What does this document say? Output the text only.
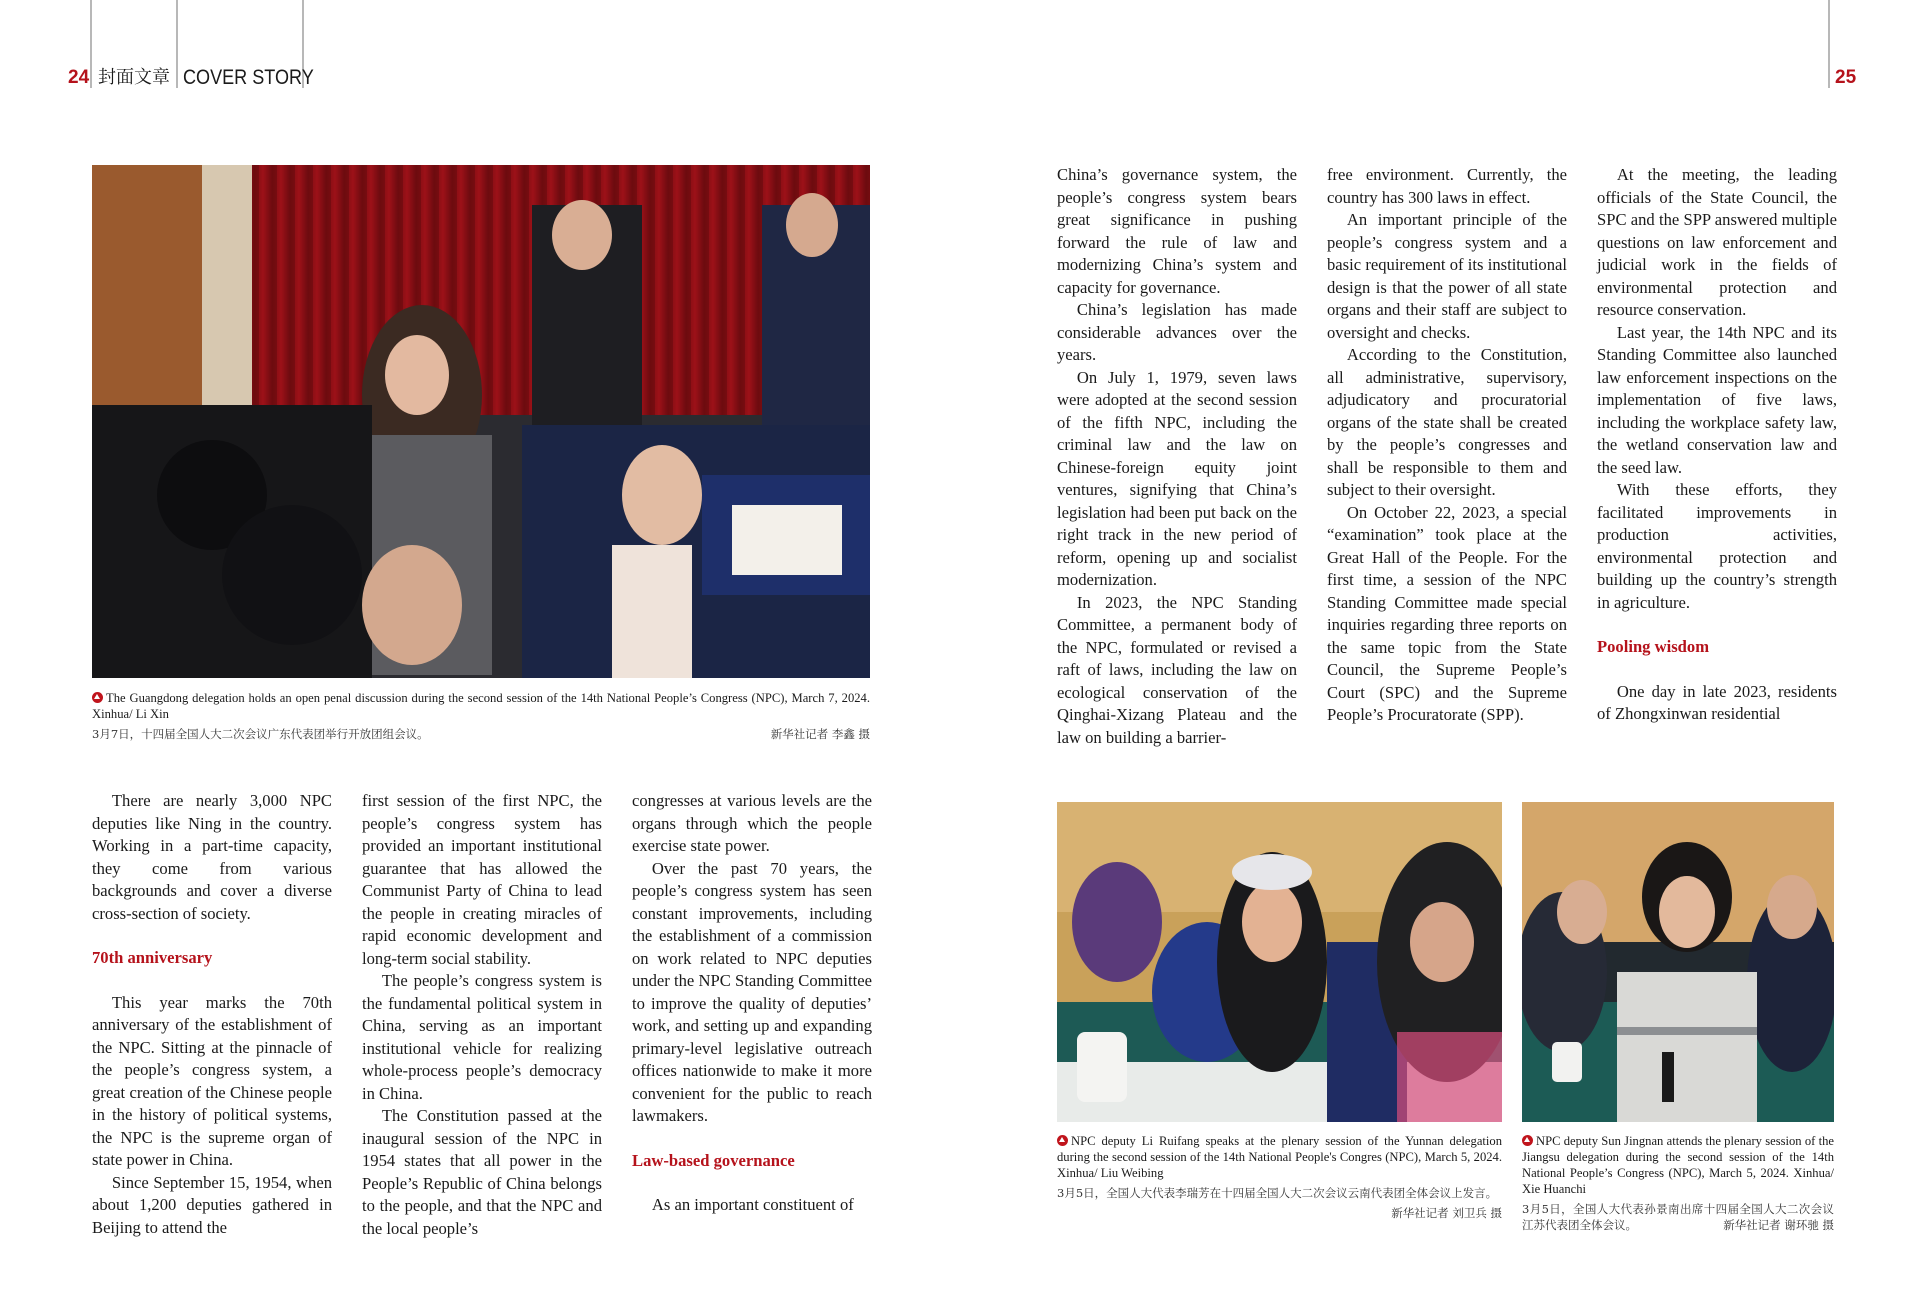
24 封面文章 COVER STORY	25

The Guangdong delegation holds an open penal discussion during the second session of the 14th National People’s Congress (NPC), March 7, 2024. Xinhua/ Li Xin

3月7日，十四届全国人大二次会议广东代表团举行开放团组会议。	新华社记者 李鑫 摄

There are nearly 3,000 NPC deputies like Ning in the country. Working in a part-time capacity, they come from various backgrounds and cover a diverse cross-section of society.

70th anniversary

This year marks the 70th anniversary of the establishment of the NPC. Sitting at the pinnacle of the people’s congress system, a great creation of the Chinese people in the history of political systems, the NPC is the supreme organ of state power in China.

Since September 15, 1954, when about 1,200 deputies gathered in Beijing to attend the

first session of the first NPC, the people’s congress system has provided an important institutional guarantee that has allowed the Communist Party of China to lead the people in creating miracles of rapid economic development and long-term social stability.

The people’s congress system is the fundamental political system in China, serving as an important institutional vehicle for realizing whole-process people’s democracy in China.

The Constitution passed at the inaugural session of the NPC in 1954 states that all power in the People’s Republic of China belongs to the people, and that the NPC and the local people’s

congresses at various levels are the organs through which the people exercise state power.

Over the past 70 years, the people’s congress system has seen constant improvements, including the establishment of a commission on work related to NPC deputies under the NPC Standing Committee to improve the quality of deputies’ work, and setting up and expanding primary-level legislative outreach offices nationwide to make it more convenient for the public to reach lawmakers.

Law-based governance

As an important constituent of

China’s governance system, the people’s congress system bears great significance in pushing forward the rule of law and modernizing China’s system and capacity for governance.

China’s legislation has made considerable advances over the years.

On July 1, 1979, seven laws were adopted at the second session of the fifth NPC, including the criminal law and the law on Chinese-foreign equity joint ventures, signifying that China’s legislation had been put back on the right track in the new period of reform, opening up and socialist modernization.

In 2023, the NPC Standing Committee, a permanent body of the NPC, formulated or revised a raft of laws, including the law on ecological conservation of the Qinghai-Xizang Plateau and the law on building a barrier-

free environment. Currently, the country has 300 laws in effect.

An important principle of the people’s congress system and a basic requirement of its institutional design is that the power of all state organs and their staff are subject to oversight and checks.

According to the Constitution, all administrative, supervisory, adjudicatory and procuratorial organs of the state shall be created by the people’s congresses and shall be responsible to them and subject to their oversight.

On October 22, 2023, a special “examination” took place at the Great Hall of the People. For the first time, a session of the NPC Standing Committee made special inquiries regarding three reports on the same topic from the State Council, the Supreme People’s Court (SPC) and the Supreme People’s Procuratorate (SPP).

At the meeting, the leading officials of the State Council, the SPC and the SPP answered multiple questions on law enforcement and judicial work in the fields of environmental protection and resource conservation.

Last year, the 14th NPC and its Standing Committee also launched law enforcement inspections on the implementation of five laws, including the workplace safety law, the wetland conservation law and the seed law.

With these efforts, they facilitated improvements in production activities, environmental protection and building up the country’s strength in agriculture.

Pooling wisdom

One day in late 2023, residents of Zhongxinwan residential

NPC deputy Li Ruifang speaks at the plenary session of the Yunnan delegation during the second session of the 14th National People's Congres (NPC), March 5, 2024. Xinhua/ Liu Weibing

3月5日，全国人大代表李瑞芳在十四届全国人大二次会议云南代表团全体会议上发言。
新华社记者 刘卫兵 摄

NPC deputy Sun Jingnan attends the plenary session of the Jiangsu delegation during the second session of the 14th National People’s Congress (NPC), March 5, 2024. Xinhua/ Xie Huanchi

3月5日，全国人大代表孙景南出席十四届全国人大二次会议江苏代表团全体会议。	新华社记者 谢环驰 摄
